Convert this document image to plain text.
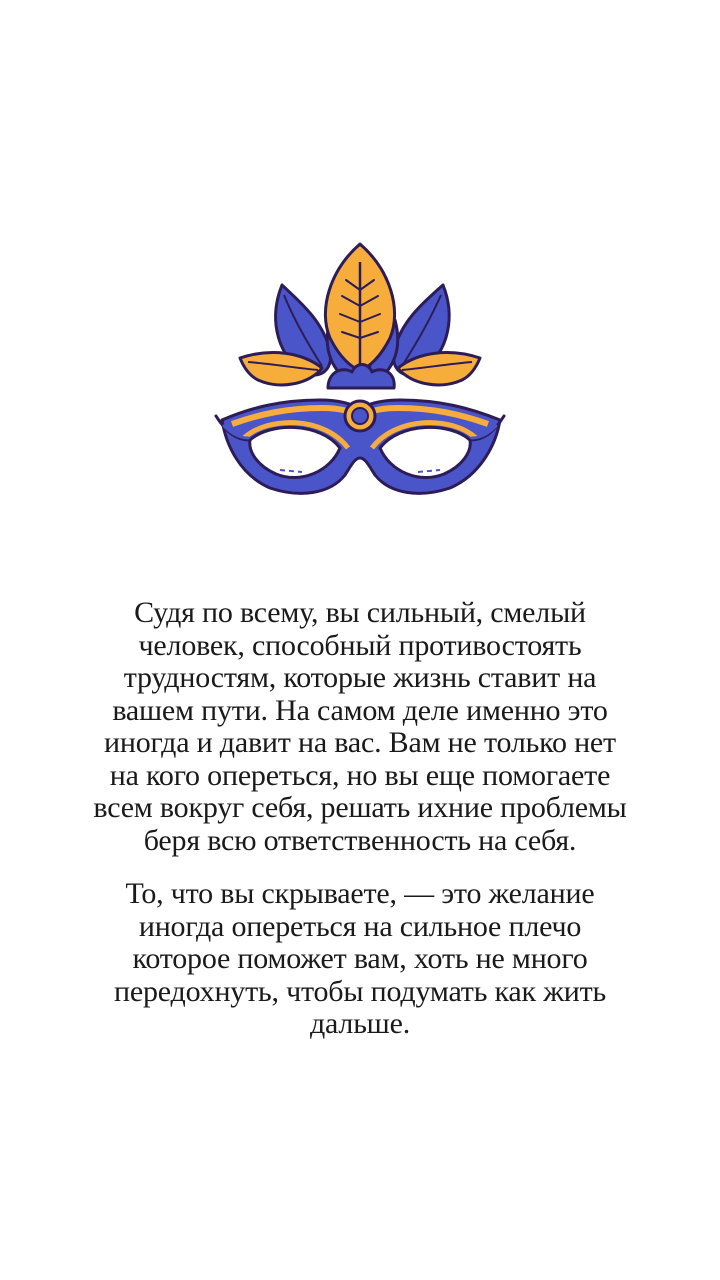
Судя по всему, вы сильный, смелый
человек, способный противостоять
трудностям, которые жизнь ставит на
вашем пути. На самом деле именно это
иногда и давит на вас. Вам не только нет
на кого опереться, но вы еще помогаете
всем вокруг себя, решать ихние проблемы
беря всю ответственность на себя.
То, что вы скрываете, — это желание
иногда опереться на сильное плечо
которое поможет вам, хоть не много
передохнуть, чтобы подумать как жить
дальше.
